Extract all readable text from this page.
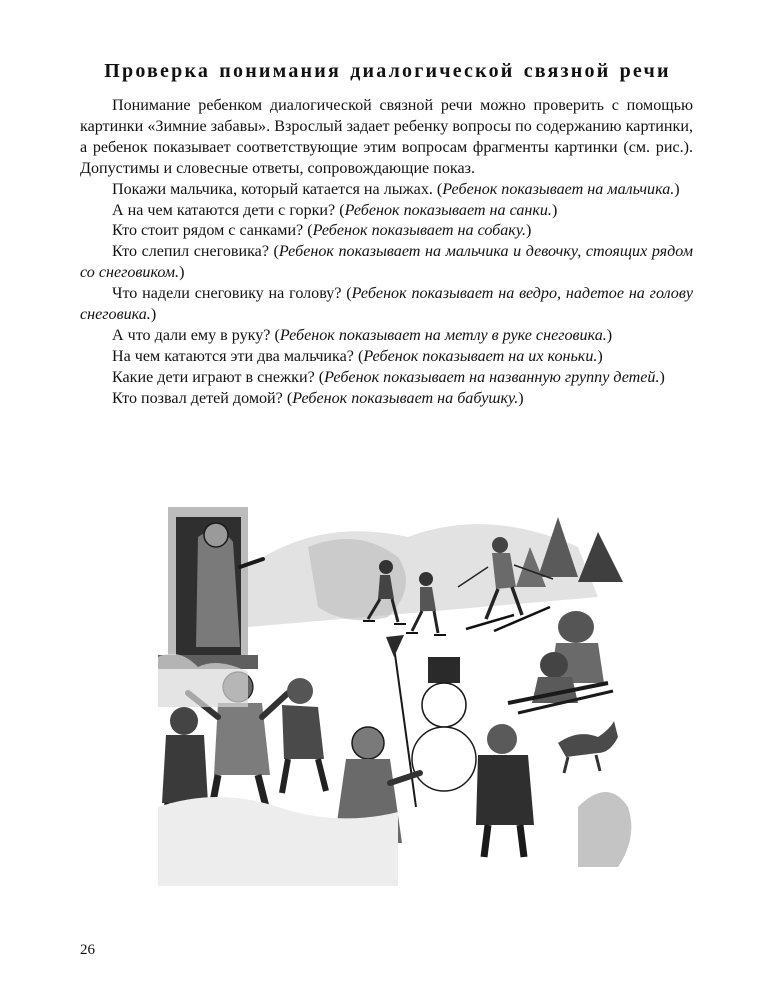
Проверка понимания диалогической связной речи

Понимание ребенком диалогической связной речи можно проверить с помощью картинки «Зимние забавы». Взрослый задает ребенку вопросы по содержанию картинки, а ребенок показывает соответствующие этим вопросам фрагменты картинки (см. рис.). Допустимы и словесные ответы, сопровождающие показ.

Покажи мальчика, который катается на лыжах. (Ребенок показывает на мальчика.)

А на чем катаются дети с горки? (Ребенок показывает на санки.)

Кто стоит рядом с санками? (Ребенок показывает на собаку.)

Кто слепил снеговика? (Ребенок показывает на мальчика и девочку, стоящих рядом со снеговиком.)

Что надели снеговику на голову? (Ребенок показывает на ведро, надетое на голову снеговика.)

А что дали ему в руку? (Ребенок показывает на метлу в руке снеговика.)

На чем катаются эти два мальчика? (Ребенок показывает на их коньки.)

Какие дети играют в снежки? (Ребенок показывает на названную группу детей.)

Кто позвал детей домой? (Ребенок показывает на бабушку.)

26
